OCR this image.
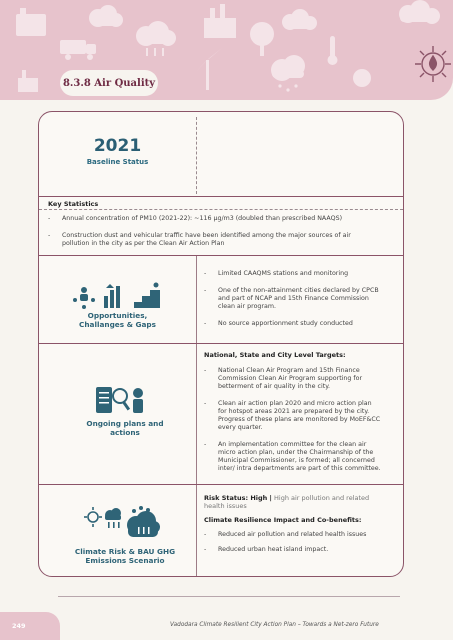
8.3.8 Air Quality
2021
Baseline Status
Key Statistics
- Annual concentration of PM10 (2021-22): ~116 μg/m3 (doubled than prescribed NAAQS)
- Construction dust and vehicular traffic have been identified among the major sources of air
pollution in the city as per the Clean Air Action Plan
Opportunities,
Challanges & Gaps
- Limited CAAQMS stations and monitoring
- One of the non-attainment cities declared by CPCB
and part of NCAP and 15th Finance Commission
clean air program.
- No source apportionment study conducted
Ongoing plans and
actions
National, State and City Level Targets:
- National Clean Air Program and 15th Finance
Commission Clean Air Program supporting for
betterment of air quality in the city.
- Clean air action plan 2020 and micro action plan
for hotspot areas 2021 are prepared by the city.
Progress of these plans are monitored by MoEF&CC
every quarter.
- An implementation committee for the clean air
micro action plan, under the Chairmanship of the
Municipal Commissioner, is formed; all concerned
inter/ intra departments are part of this committee.
Climate Risk & BAU GHG
Emissions Scenario
Risk Status: High | High air pollution and related
health issues
Climate Resilience Impact and Co-benefits:
- Reduced air pollution and related health issues
- Reduced urban heat island impact.
249	Vadodara Climate Resilient City Action Plan – Towards a Net-zero Future
